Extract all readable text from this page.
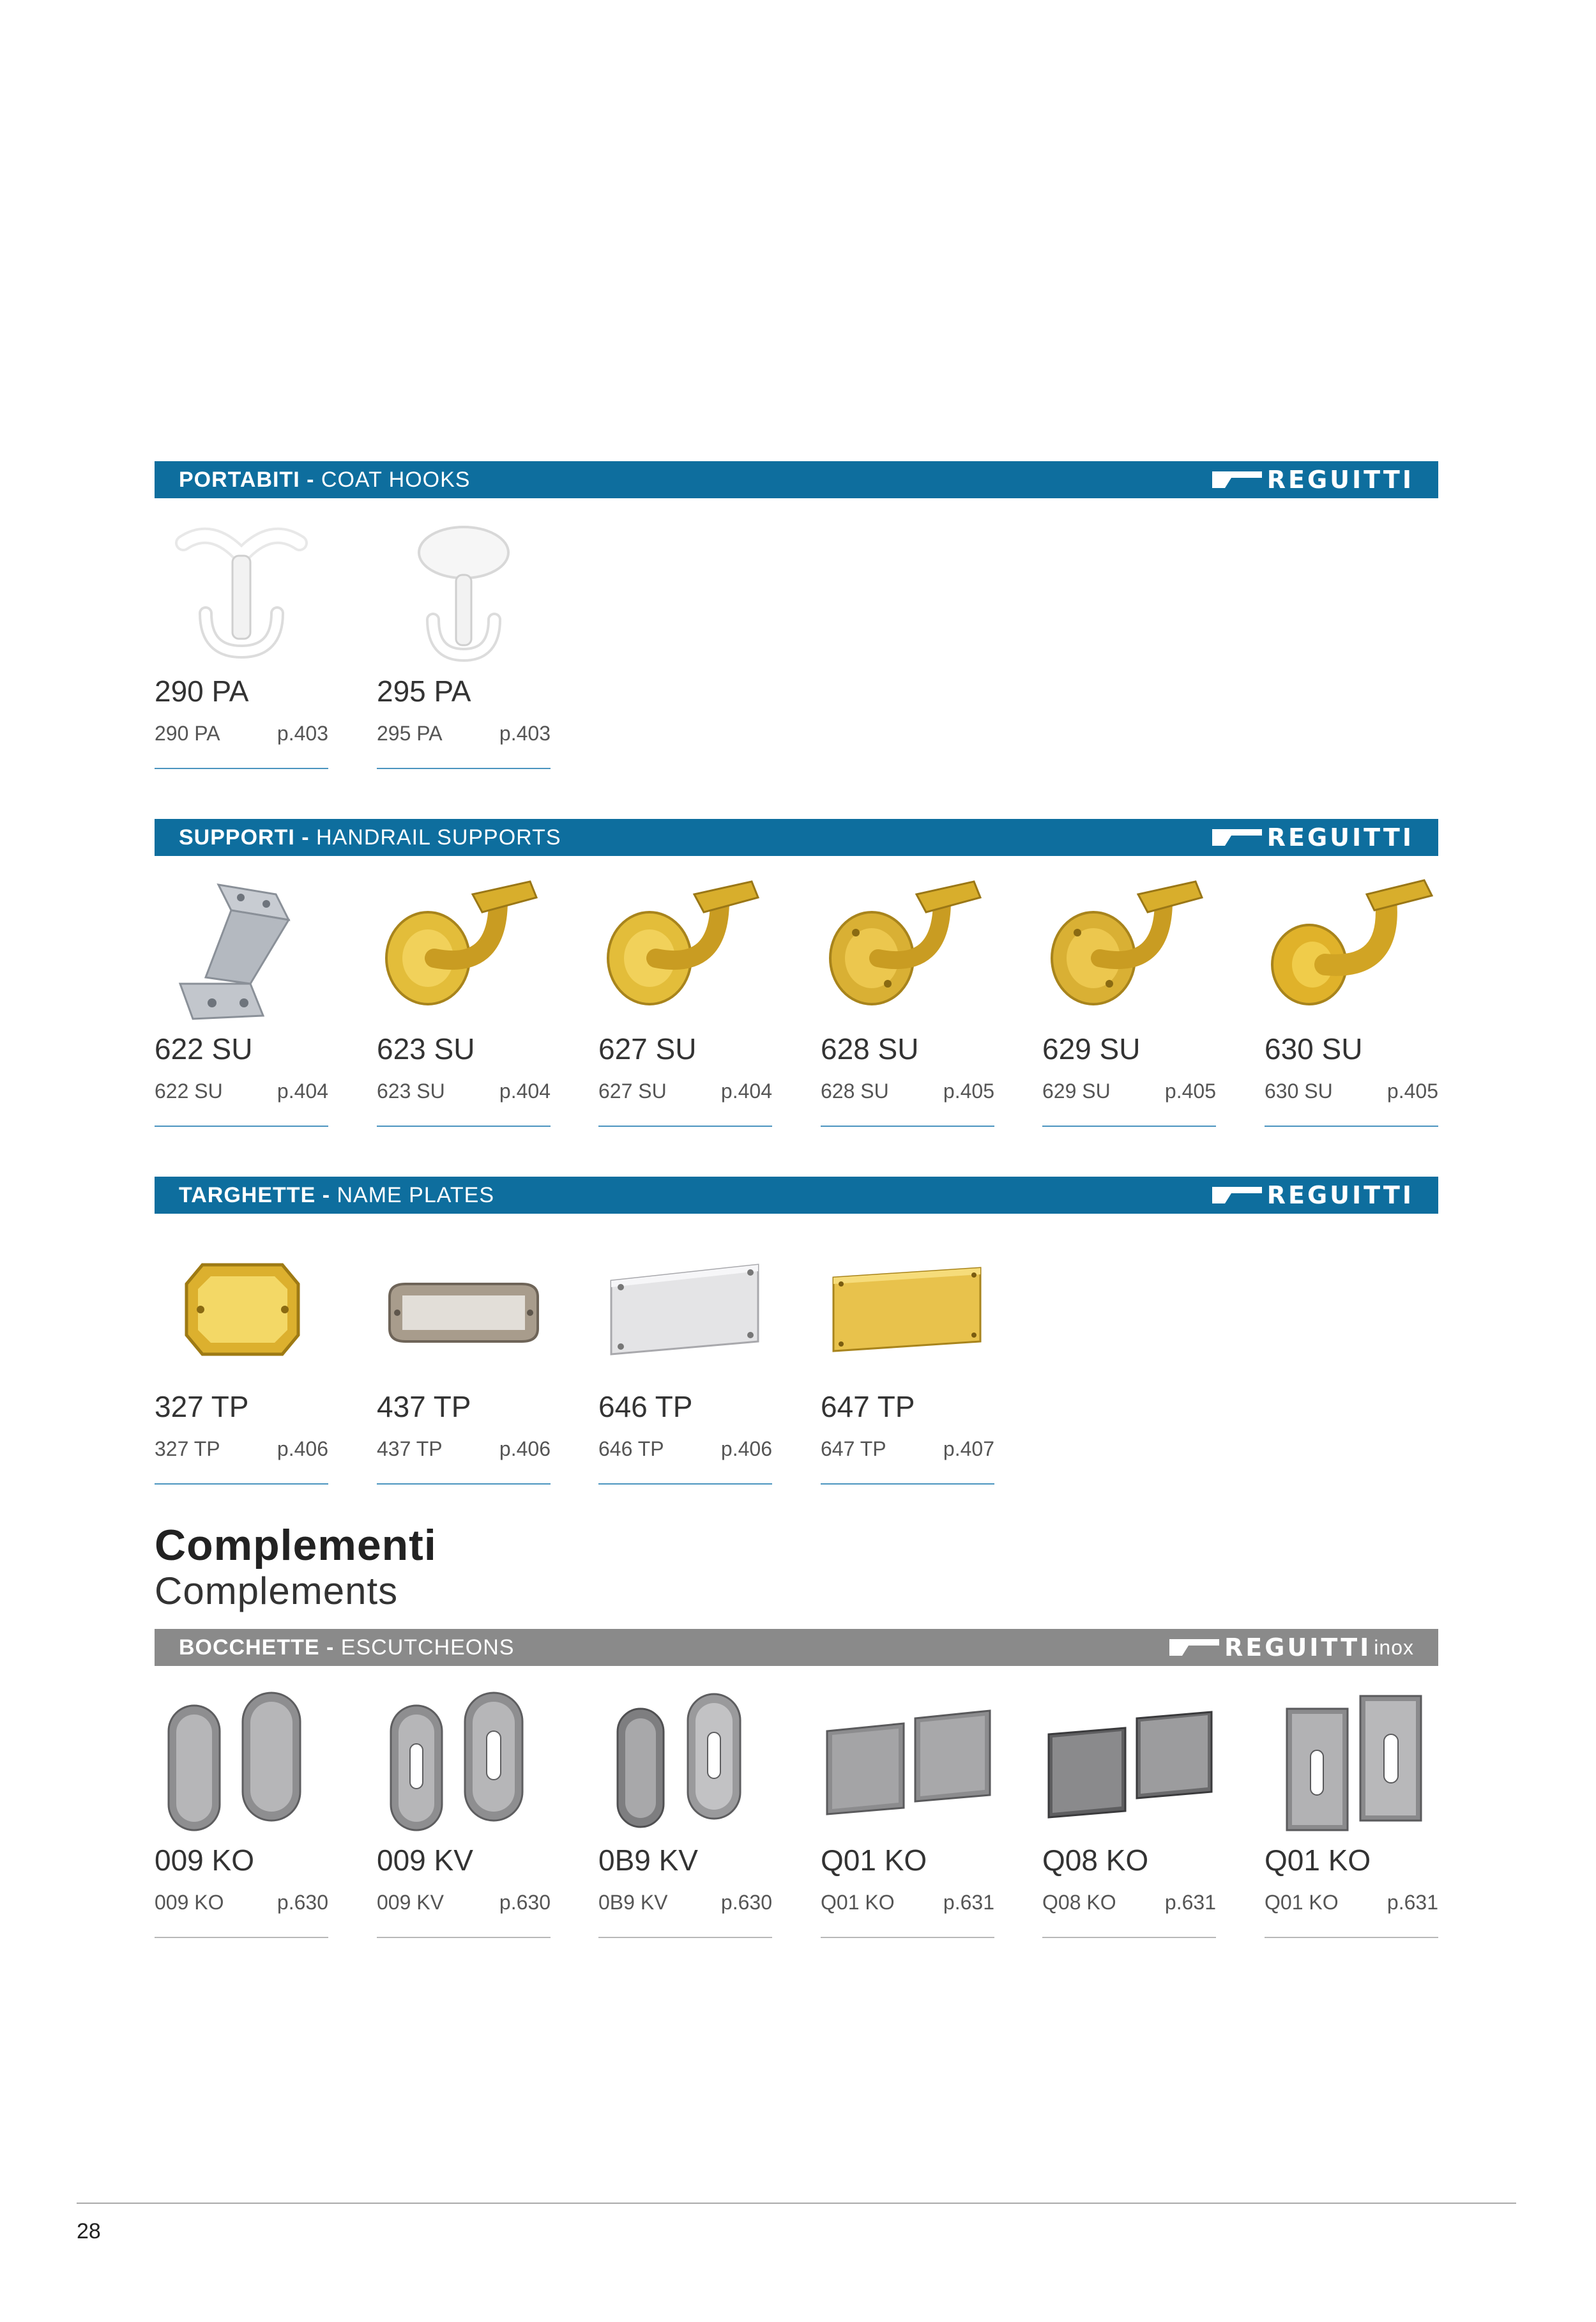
PORTABITI - COAT HOOKS	REGUITTI
290 PA
290 PA	p.403
295 PA
295 PA	p.403
SUPPORTI - HANDRAIL SUPPORTS	REGUITTI
622 SU
622 SU	p.404
623 SU
623 SU	p.404
627 SU
627 SU	p.404
628 SU
628 SU	p.405
629 SU
629 SU	p.405
630 SU
630 SU	p.405
TARGHETTE - NAME PLATES	REGUITTI
327 TP
327 TP	p.406
437 TP
437 TP	p.406
646 TP
646 TP	p.406
647 TP
647 TP	p.407
Complementi
Complements
BOCCHETTE - ESCUTCHEONS	REGUITTI inox
009 KO
009 KO	p.630
009 KV
009 KV	p.630
0B9 KV
0B9 KV	p.630
Q01 KO
Q01 KO p.631
Q08 KO
Q08 KO p.631
Q01 KO
Q01 KO p.631
28
